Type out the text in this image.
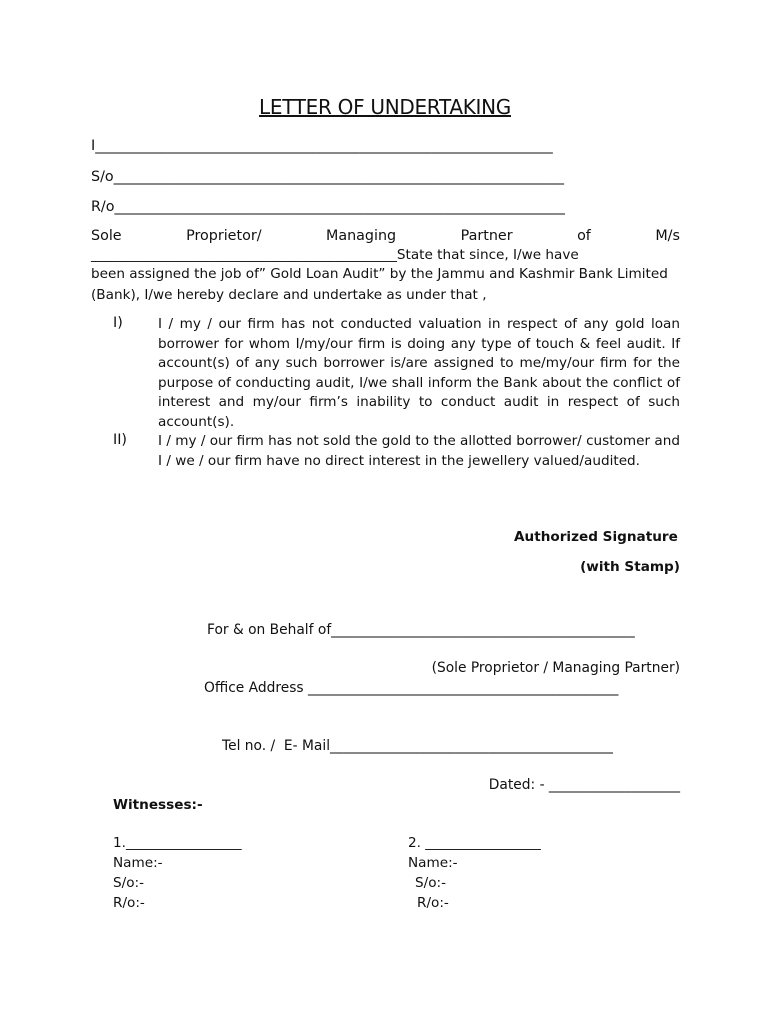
LETTER OF UNDERTAKING
I________________________________________________________________
S/o_______________________________________________________________
R/o_______________________________________________________________
Sole	Proprietor/	Managing	Partner	of	M/s
_____________________________________________State that since, I/we have
been assigned the job of” Gold Loan Audit” by the Jammu and Kashmir Bank Limited
(Bank), I/we hereby declare and undertake as under that ,
I)	I / my / our firm has not conducted valuation in respect of any gold loan borrower for whom I/my/our firm is doing any type of touch & feel audit. If account(s) of any such borrower is/are assigned to me/my/our firm for the purpose of conducting audit, I/we shall inform the Bank about the conflict of interest and my/our firm’s inability to conduct audit in respect of such account(s).
II) I / my / our firm has not sold the gold to the allotted borrower/ customer and I / we / our firm have no direct interest in the jewellery valued/audited.
Authorized Signature
(with Stamp)
For & on Behalf of____________________________________________
(Sole Proprietor / Managing Partner)
Office Address _____________________________________________
Tel no. /  E- Mail_________________________________________
Dated: - ___________________
Witnesses:-
1._________________
Name:-
S/o:-
R/o:-
2. _________________
Name:-
S/o:-
R/o:-
